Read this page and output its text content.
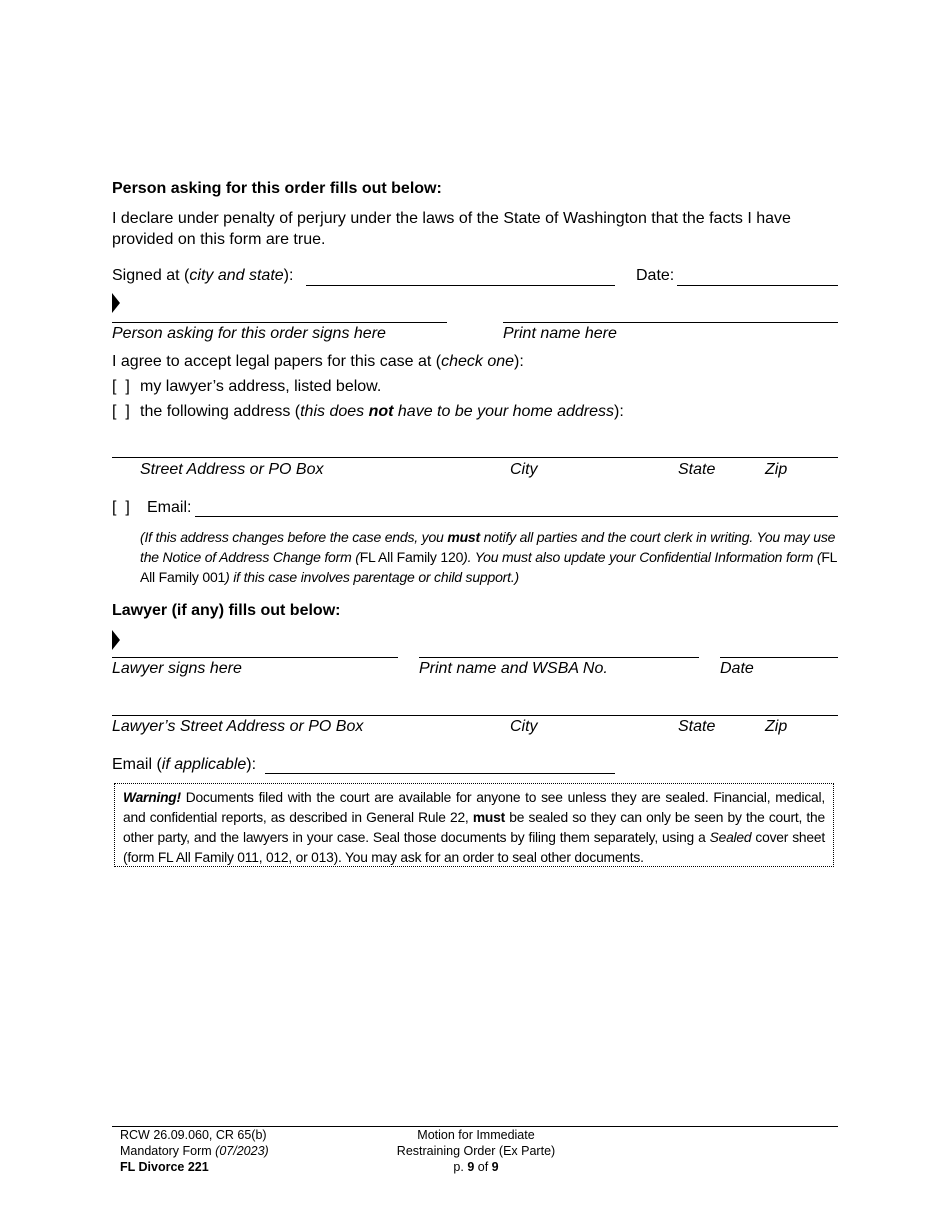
Person asking for this order fills out below:
I declare under penalty of perjury under the laws of the State of Washington that the facts I have provided on this form are true.
Signed at (city and state):	Date:
Person asking for this order signs here	Print name here
I agree to accept legal papers for this case at (check one):
[  ] my lawyer’s address, listed below.
[  ] the following address (this does not have to be your home address):
Street Address or PO Box	City	State	Zip
[  ] Email:
(If this address changes before the case ends, you must notify all parties and the court clerk in writing. You may use the Notice of Address Change form (FL All Family 120). You must also update your Confidential Information form (FL All Family 001) if this case involves parentage or child support.)
Lawyer (if any) fills out below:
Lawyer signs here	Print name and WSBA No.	Date
Lawyer’s Street Address or PO Box	City	State	Zip
Email (if applicable):
Warning! Documents filed with the court are available for anyone to see unless they are sealed. Financial, medical, and confidential reports, as described in General Rule 22, must be sealed so they can only be seen by the court, the other party, and the lawyers in your case. Seal those documents by filing them separately, using a Sealed cover sheet (form FL All Family 011, 012, or 013). You may ask for an order to seal other documents.
RCW 26.09.060, CR 65(b)
Mandatory Form (07/2023)
FL Divorce 221
Motion for Immediate
Restraining Order (Ex Parte)
p. 9 of 9
